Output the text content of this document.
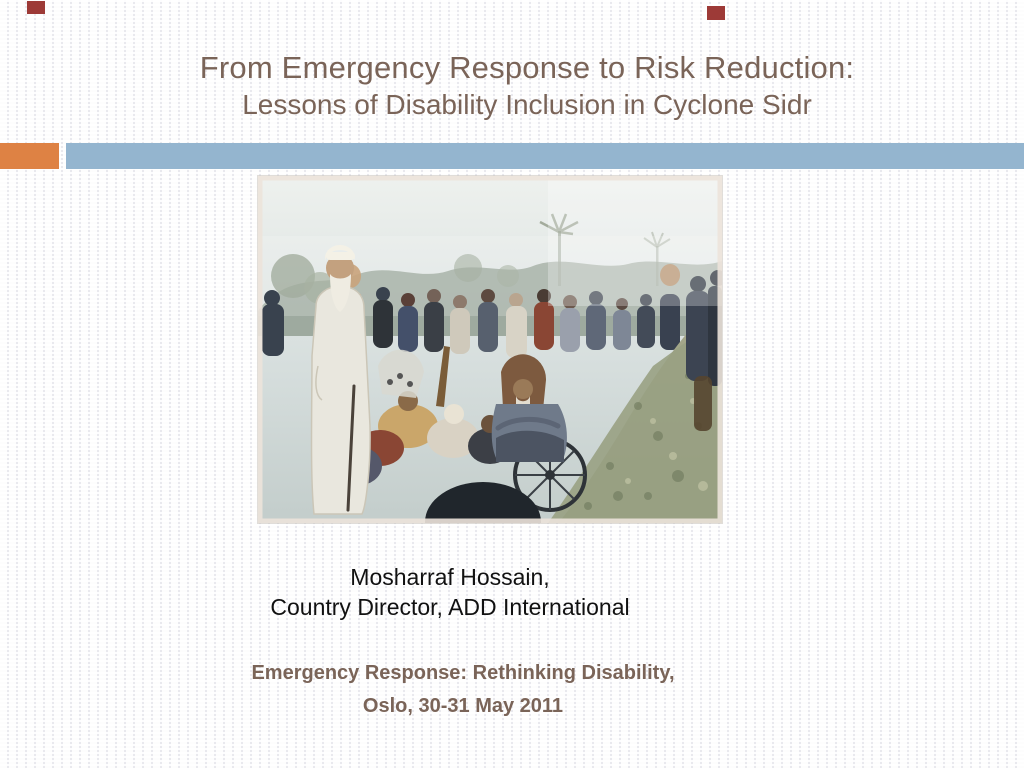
From Emergency Response to Risk Reduction:
Lessons of Disability Inclusion in Cyclone Sidr
Mosharraf Hossain,
Country Director, ADD International
Emergency Response: Rethinking Disability,
Oslo, 30-31 May 2011
